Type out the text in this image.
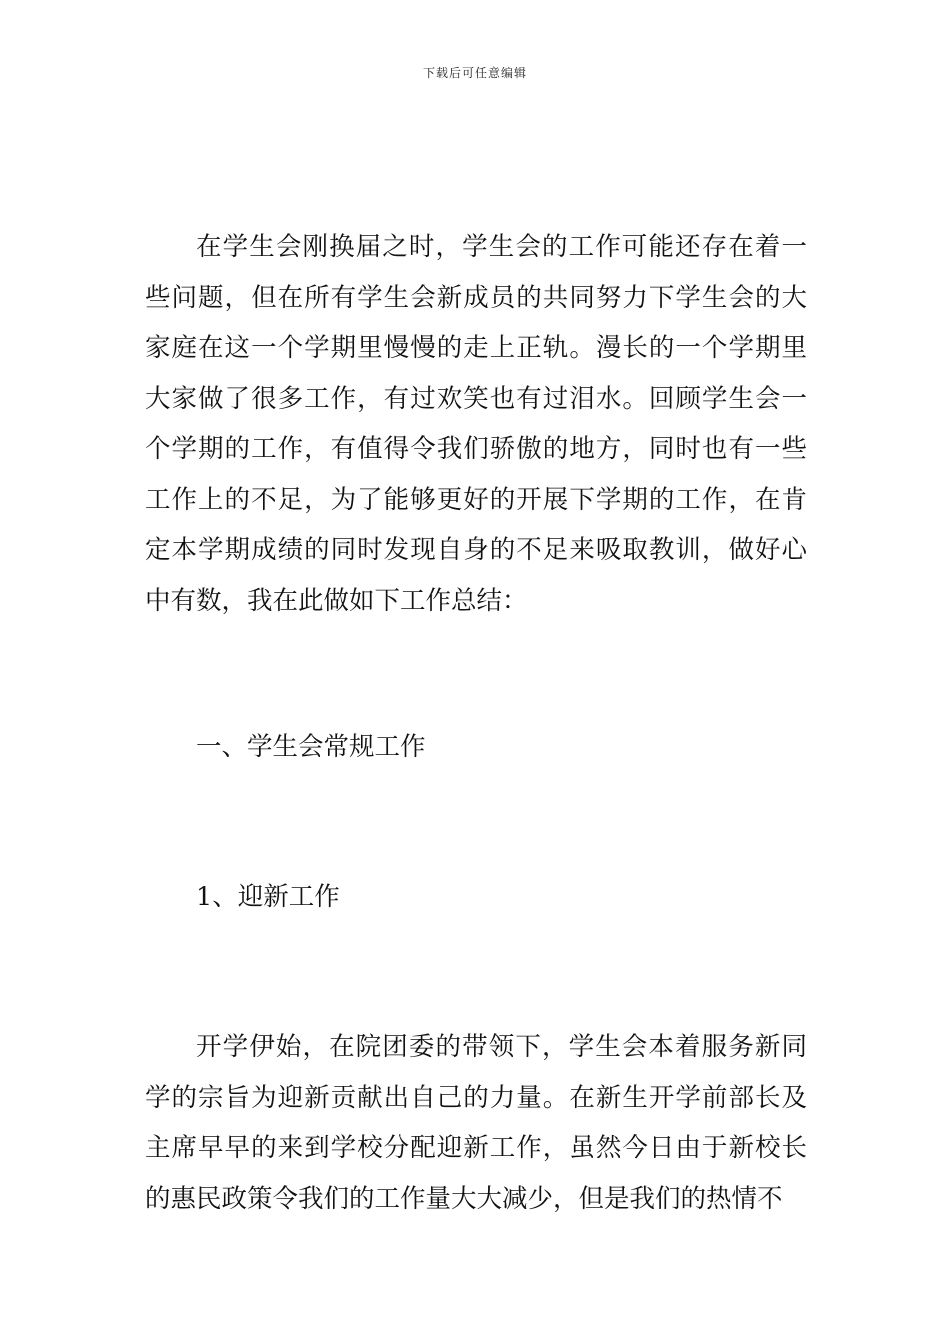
下载后可任意编辑

在学生会刚换届之时，学生会的工作可能还存在着一些问题，但在所有学生会新成员的共同努力下学生会的大家庭在这一个学期里慢慢的走上正轨。漫长的一个学期里大家做了很多工作，有过欢笑也有过泪水。回顾学生会一个学期的工作，有值得令我们骄傲的地方，同时也有一些工作上的不足，为了能够更好的开展下学期的工作，在肯定本学期成绩的同时发现自身的不足来吸取教训，做好心中有数，我在此做如下工作总结：

一、学生会常规工作
1、迎新工作

开学伊始，在院团委的带领下，学生会本着服务新同学的宗旨为迎新贡献出自己的力量。在新生开学前部长及主席早早的来到学校分配迎新工作，虽然今日由于新校长的惠民政策令我们的工作量大大减少，但是我们的热情不
